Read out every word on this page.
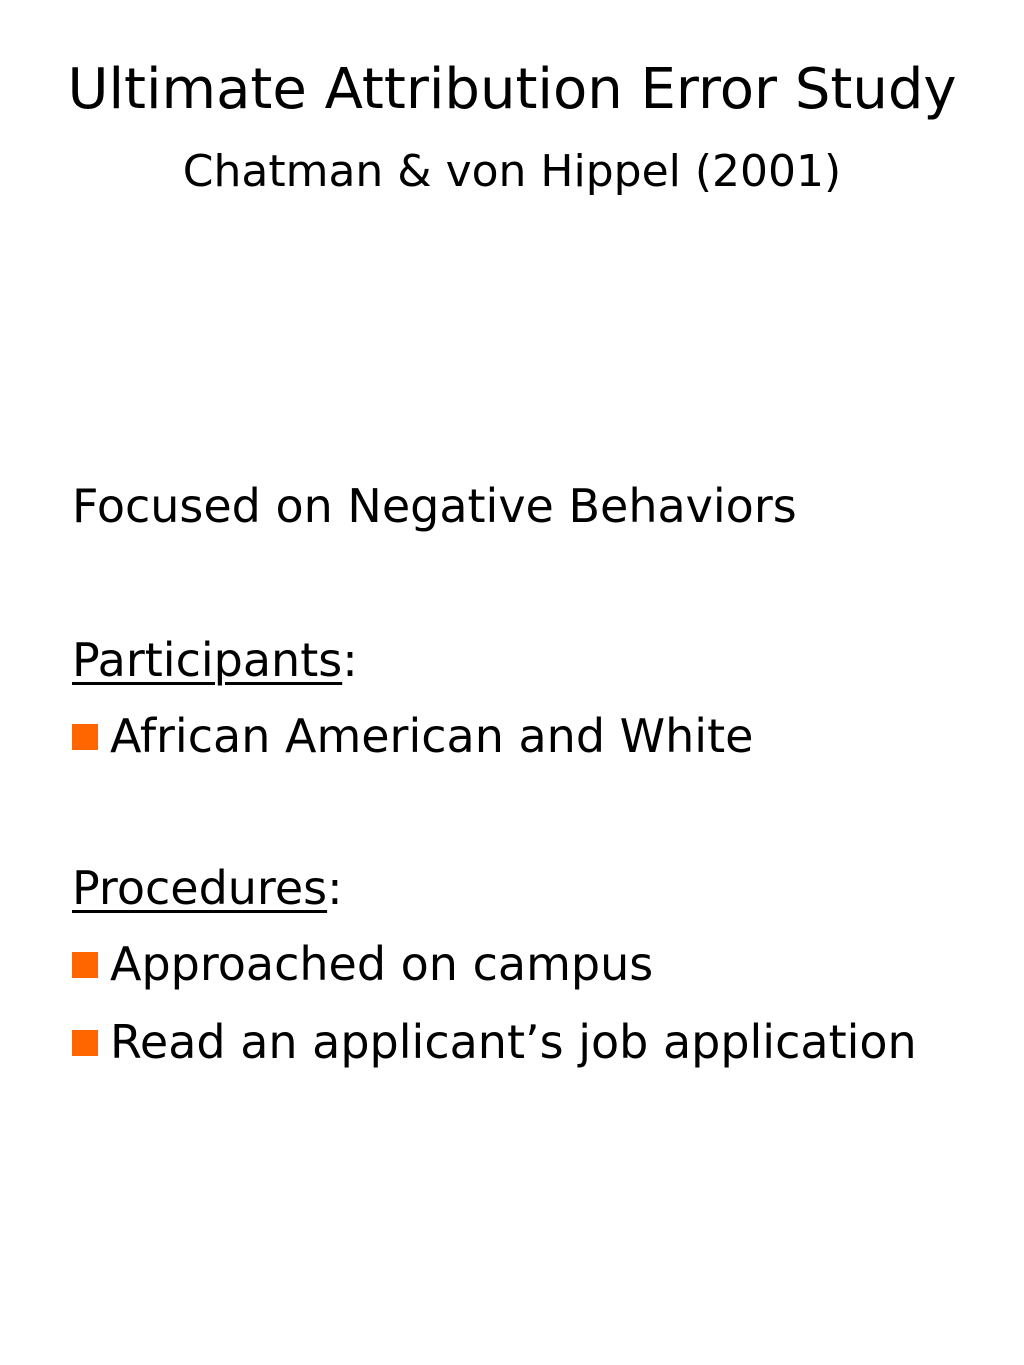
Ultimate Attribution Error Study
Chatman & von Hippel (2001)
Focused on Negative Behaviors
Participants:
African American and White
Procedures:
Approached on campus
Read an applicant’s job application
